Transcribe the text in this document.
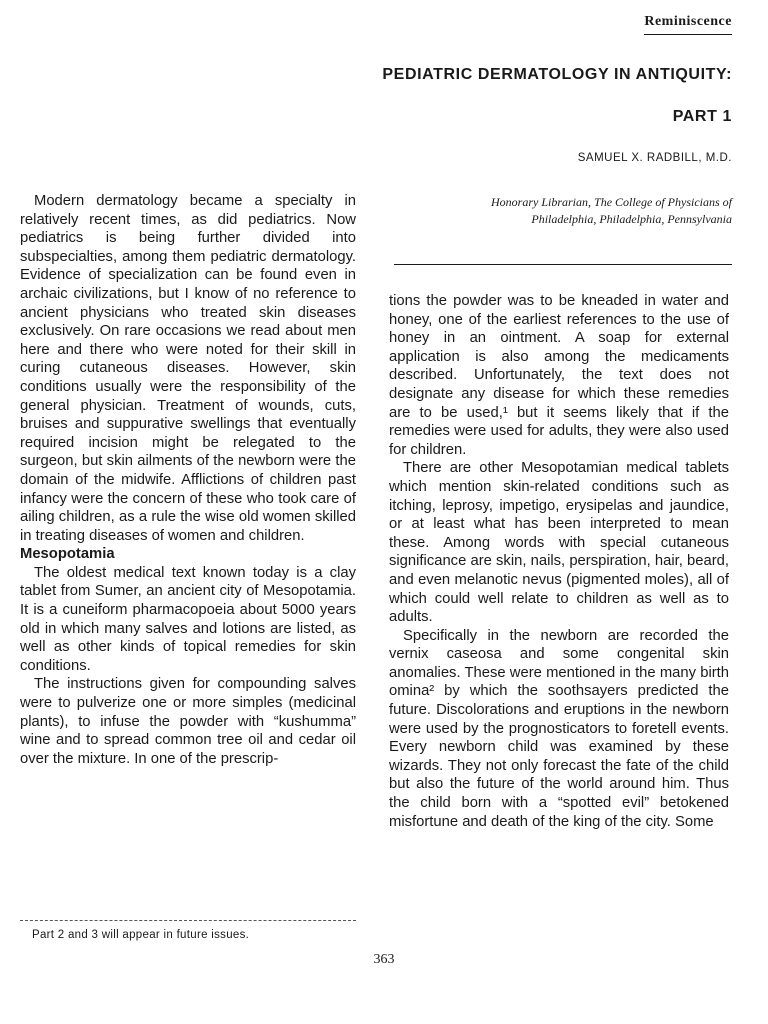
Reminiscence
PEDIATRIC DERMATOLOGY IN ANTIQUITY:
PART 1
SAMUEL X. RADBILL, M.D.
Honorary Librarian, The College of Physicians of Philadelphia, Philadelphia, Pennsylvania

Modern dermatology became a specialty in relatively recent times, as did pediatrics. Now pediatrics is being further divided into subspecialties, among them pediatric dermatology. Evidence of specialization can be found even in archaic civilizations, but I know of no reference to ancient physicians who treated skin diseases exclusively. On rare occasions we read about men here and there who were noted for their skill in curing cutaneous diseases. However, skin conditions usually were the responsibility of the general physician. Treatment of wounds, cuts, bruises and suppurative swellings that eventually required incision might be relegated to the surgeon, but skin ailments of the newborn were the domain of the midwife. Afflictions of children past infancy were the concern of these who took care of ailing children, as a rule the wise old women skilled in treating diseases of women and children.

Mesopotamia

The oldest medical text known today is a clay tablet from Sumer, an ancient city of Mesopotamia. It is a cuneiform pharmacopoeia about 5000 years old in which many salves and lotions are listed, as well as other kinds of topical remedies for skin conditions.

The instructions given for compounding salves were to pulverize one or more simples (medicinal plants), to infuse the powder with “kushumma” wine and to spread common tree oil and cedar oil over the mixture. In one of the prescrip-

tions the powder was to be kneaded in water and honey, one of the earliest references to the use of honey in an ointment. A soap for external application is also among the medicaments described. Unfortunately, the text does not designate any disease for which these remedies are to be used,¹ but it seems likely that if the remedies were used for adults, they were also used for children.

There are other Mesopotamian medical tablets which mention skin-related conditions such as itching, leprosy, impetigo, erysipelas and jaundice, or at least what has been interpreted to mean these. Among words with special cutaneous significance are skin, nails, perspiration, hair, beard, and even melanotic nevus (pigmented moles), all of which could well relate to children as well as to adults.

Specifically in the newborn are recorded the vernix caseosa and some congenital skin anomalies. These were mentioned in the many birth omina² by which the soothsayers predicted the future. Discolorations and eruptions in the newborn were used by the prognosticators to foretell events. Every newborn child was examined by these wizards. They not only forecast the fate of the child but also the future of the world around him. Thus the child born with a “spotted evil” betokened misfortune and death of the king of the city. Some

Part 2 and 3 will appear in future issues.
363
